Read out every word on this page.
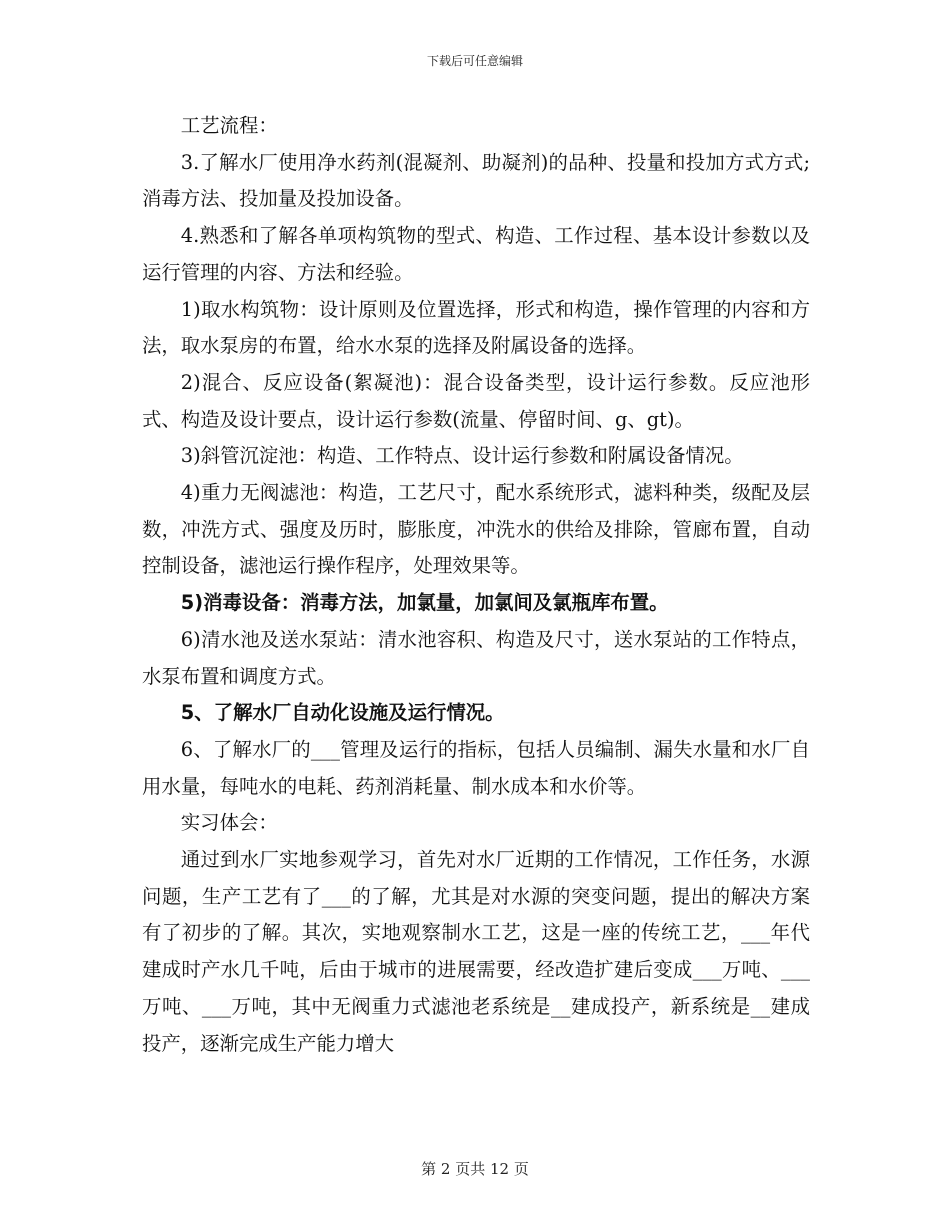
下载后可任意编辑

工艺流程：

3.了解水厂使用净水药剂(混凝剂、助凝剂)的品种、投量和投加方式方式;消毒方法、投加量及投加设备。

4.熟悉和了解各单项构筑物的型式、构造、工作过程、基本设计参数以及运行管理的内容、方法和经验。

1)取水构筑物：设计原则及位置选择，形式和构造，操作管理的内容和方法，取水泵房的布置，给水水泵的选择及附属设备的选择。

2)混合、反应设备(絮凝池)：混合设备类型，设计运行参数。反应池形式、构造及设计要点，设计运行参数(流量、停留时间、g、gt)。

3)斜管沉淀池：构造、工作特点、设计运行参数和附属设备情况。

4)重力无阀滤池：构造，工艺尺寸，配水系统形式，滤料种类，级配及层数，冲洗方式、强度及历时，膨胀度，冲洗水的供给及排除，管廊布置，自动控制设备，滤池运行操作程序，处理效果等。

5)消毒设备：消毒方法，加氯量，加氯间及氯瓶库布置。

6)清水池及送水泵站：清水池容积、构造及尺寸，送水泵站的工作特点，水泵布置和调度方式。

5、了解水厂自动化设施及运行情况。

6、了解水厂的___管理及运行的指标，包括人员编制、漏失水量和水厂自用水量，每吨水的电耗、药剂消耗量、制水成本和水价等。

实习体会：

通过到水厂实地参观学习，首先对水厂近期的工作情况，工作任务，水源问题，生产工艺有了___的了解，尤其是对水源的突变问题，提出的解决方案有了初步的了解。其次，实地观察制水工艺，这是一座的传统工艺，___年代建成时产水几千吨，后由于城市的进展需要，经改造扩建后变成___万吨、___万吨、___万吨，其中无阀重力式滤池老系统是__建成投产，新系统是__建成投产，逐渐完成生产能力增大

第 2 页共 12 页
